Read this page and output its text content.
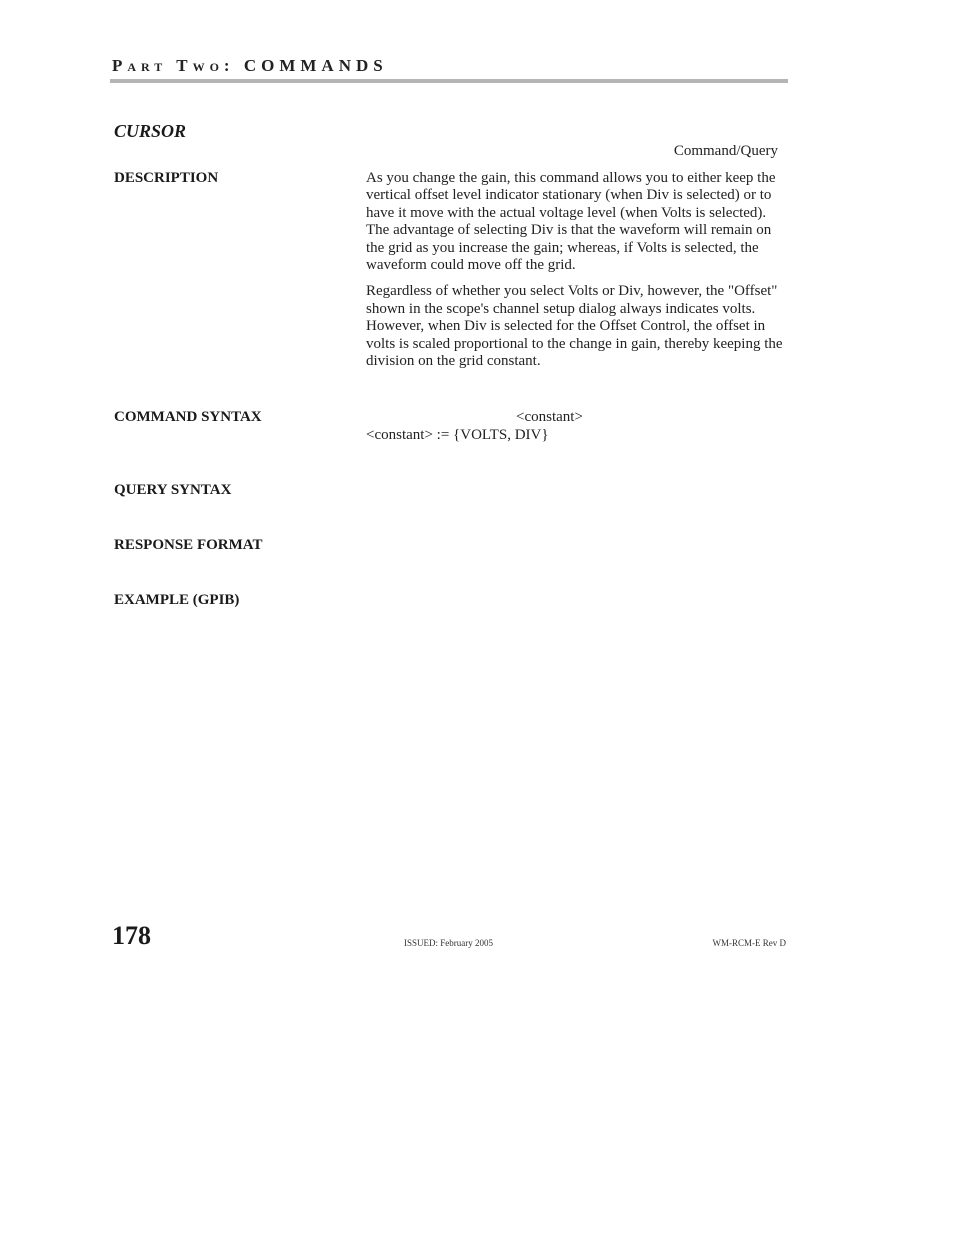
Part Two: COMMANDS
CURSOR
Command/Query
DESCRIPTION	As you change the gain, this command allows you to either keep the vertical offset level indicator stationary (when Div is selected) or to have it move with the actual voltage level (when Volts is selected). The advantage of selecting Div is that the waveform will remain on the grid as you increase the gain; whereas, if Volts is selected, the waveform could move off the grid.

Regardless of whether you select Volts or Div, however, the "Offset" shown in the scope's channel setup dialog always indicates volts. However, when Div is selected for the Offset Control, the offset in volts is scaled proportional to the change in gain, thereby keeping the division on the grid constant.

COMMAND SYNTAX	<constant>
<constant> := {VOLTS, DIV}
QUERY SYNTAX
RESPONSE FORMAT
EXAMPLE (GPIB)
178	ISSUED: February 2005	WM-RCM-E Rev D
